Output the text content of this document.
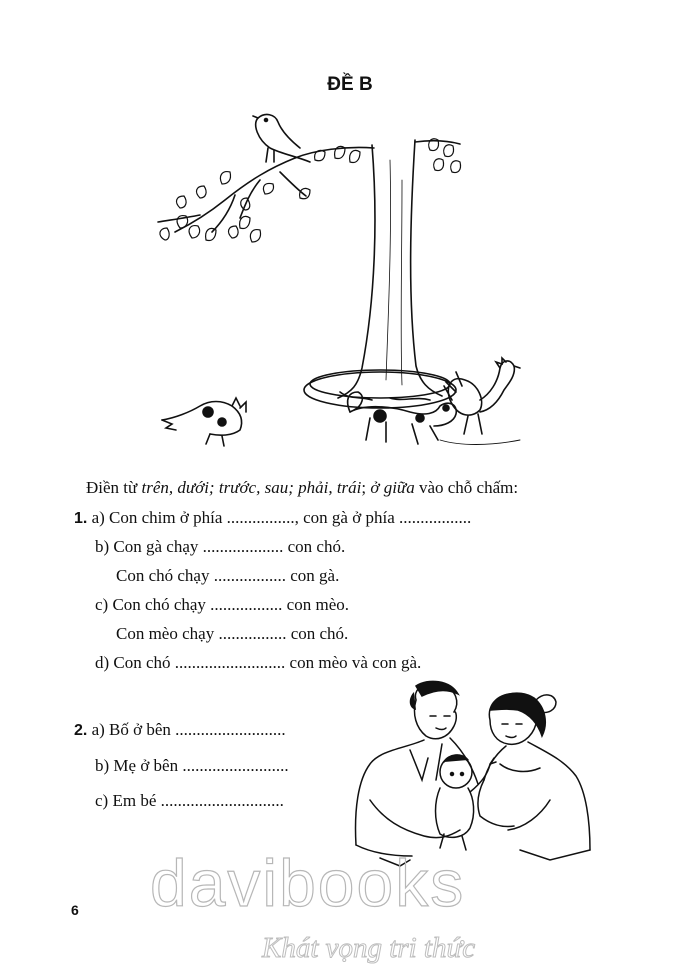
ĐỀ B
Điền từ trên, dưới; trước, sau; phải, trái; ở giữa vào chỗ chấm:
1. a) Con chim ở phía ................, con gà ở phía .................
b) Con gà chạy ................... con chó.
Con chó chạy ................. con gà.
c) Con chó chạy ................. con mèo.
Con mèo chạy ................ con chó.
d) Con chó .......................... con mèo và con gà.
2. a) Bố ở bên ..........................
b) Mẹ ở bên .........................
c) Em bé .............................
6 davibooks
Khát vọng tri thức
